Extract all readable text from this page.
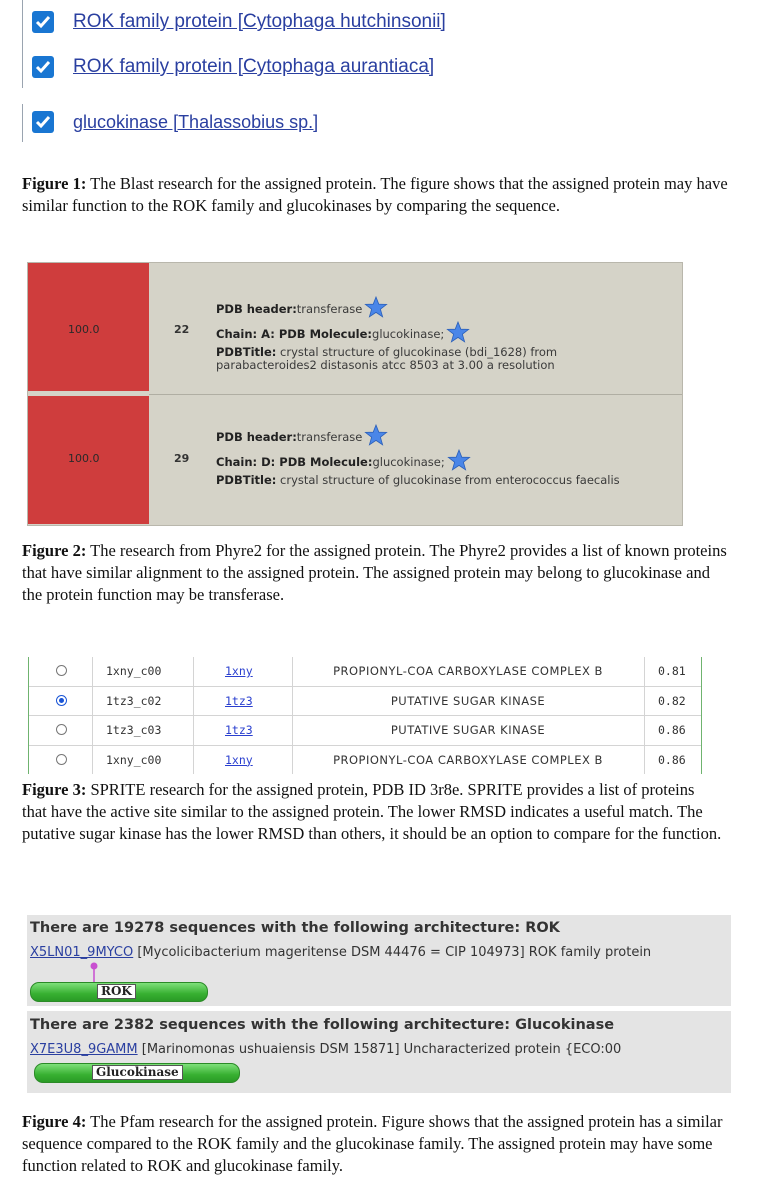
ROK family protein [Cytophaga hutchinsonii]
ROK family protein [Cytophaga aurantiaca]
glucokinase [Thalassobius sp.]
Figure 1: The Blast research for the assigned protein. The figure shows that the assigned protein may have similar function to the ROK family and glucokinases by comparing the sequence.
100.0	22
PDB header:transferase
Chain: A: PDB Molecule:glucokinase;
PDBTitle: crystal structure of glucokinase (bdi_1628) from parabacteroides2 distasonis atcc 8503 at 3.00 a resolution
100.0	29
PDB header:transferase
Chain: D: PDB Molecule:glucokinase;
PDBTitle: crystal structure of glucokinase from enterococcus faecalis
Figure 2: The research from Phyre2 for the assigned protein. The Phyre2 provides a list of known proteins that have similar alignment to the assigned protein. The assigned protein may belong to glucokinase and the protein function may be transferase.
1xny_c00	1xny	PROPIONYL-COA CARBOXYLASE COMPLEX B	0.81
1tz3_c02	1tz3	PUTATIVE SUGAR KINASE	0.82
1tz3_c03	1tz3	PUTATIVE SUGAR KINASE	0.86
1xny_c00	1xny	PROPIONYL-COA CARBOXYLASE COMPLEX B	0.86
Figure 3: SPRITE research for the assigned protein, PDB ID 3r8e. SPRITE provides a list of proteins that have the active site similar to the assigned protein. The lower RMSD indicates a useful match. The putative sugar kinase has the lower RMSD than others, it should be an option to compare for the function.
There are 19278 sequences with the following architecture: ROK
X5LN01_9MYCO [Mycolicibacterium mageritense DSM 44476 = CIP 104973] ROK family protein
ROK
There are 2382 sequences with the following architecture: Glucokinase
X7E3U8_9GAMM [Marinomonas ushuaiensis DSM 15871] Uncharacterized protein {ECO:00
Glucokinase
Figure 4: The Pfam research for the assigned protein. Figure shows that the assigned protein has a similar sequence compared to the ROK family and the glucokinase family. The assigned protein may have some function related to ROK and glucokinase family.
